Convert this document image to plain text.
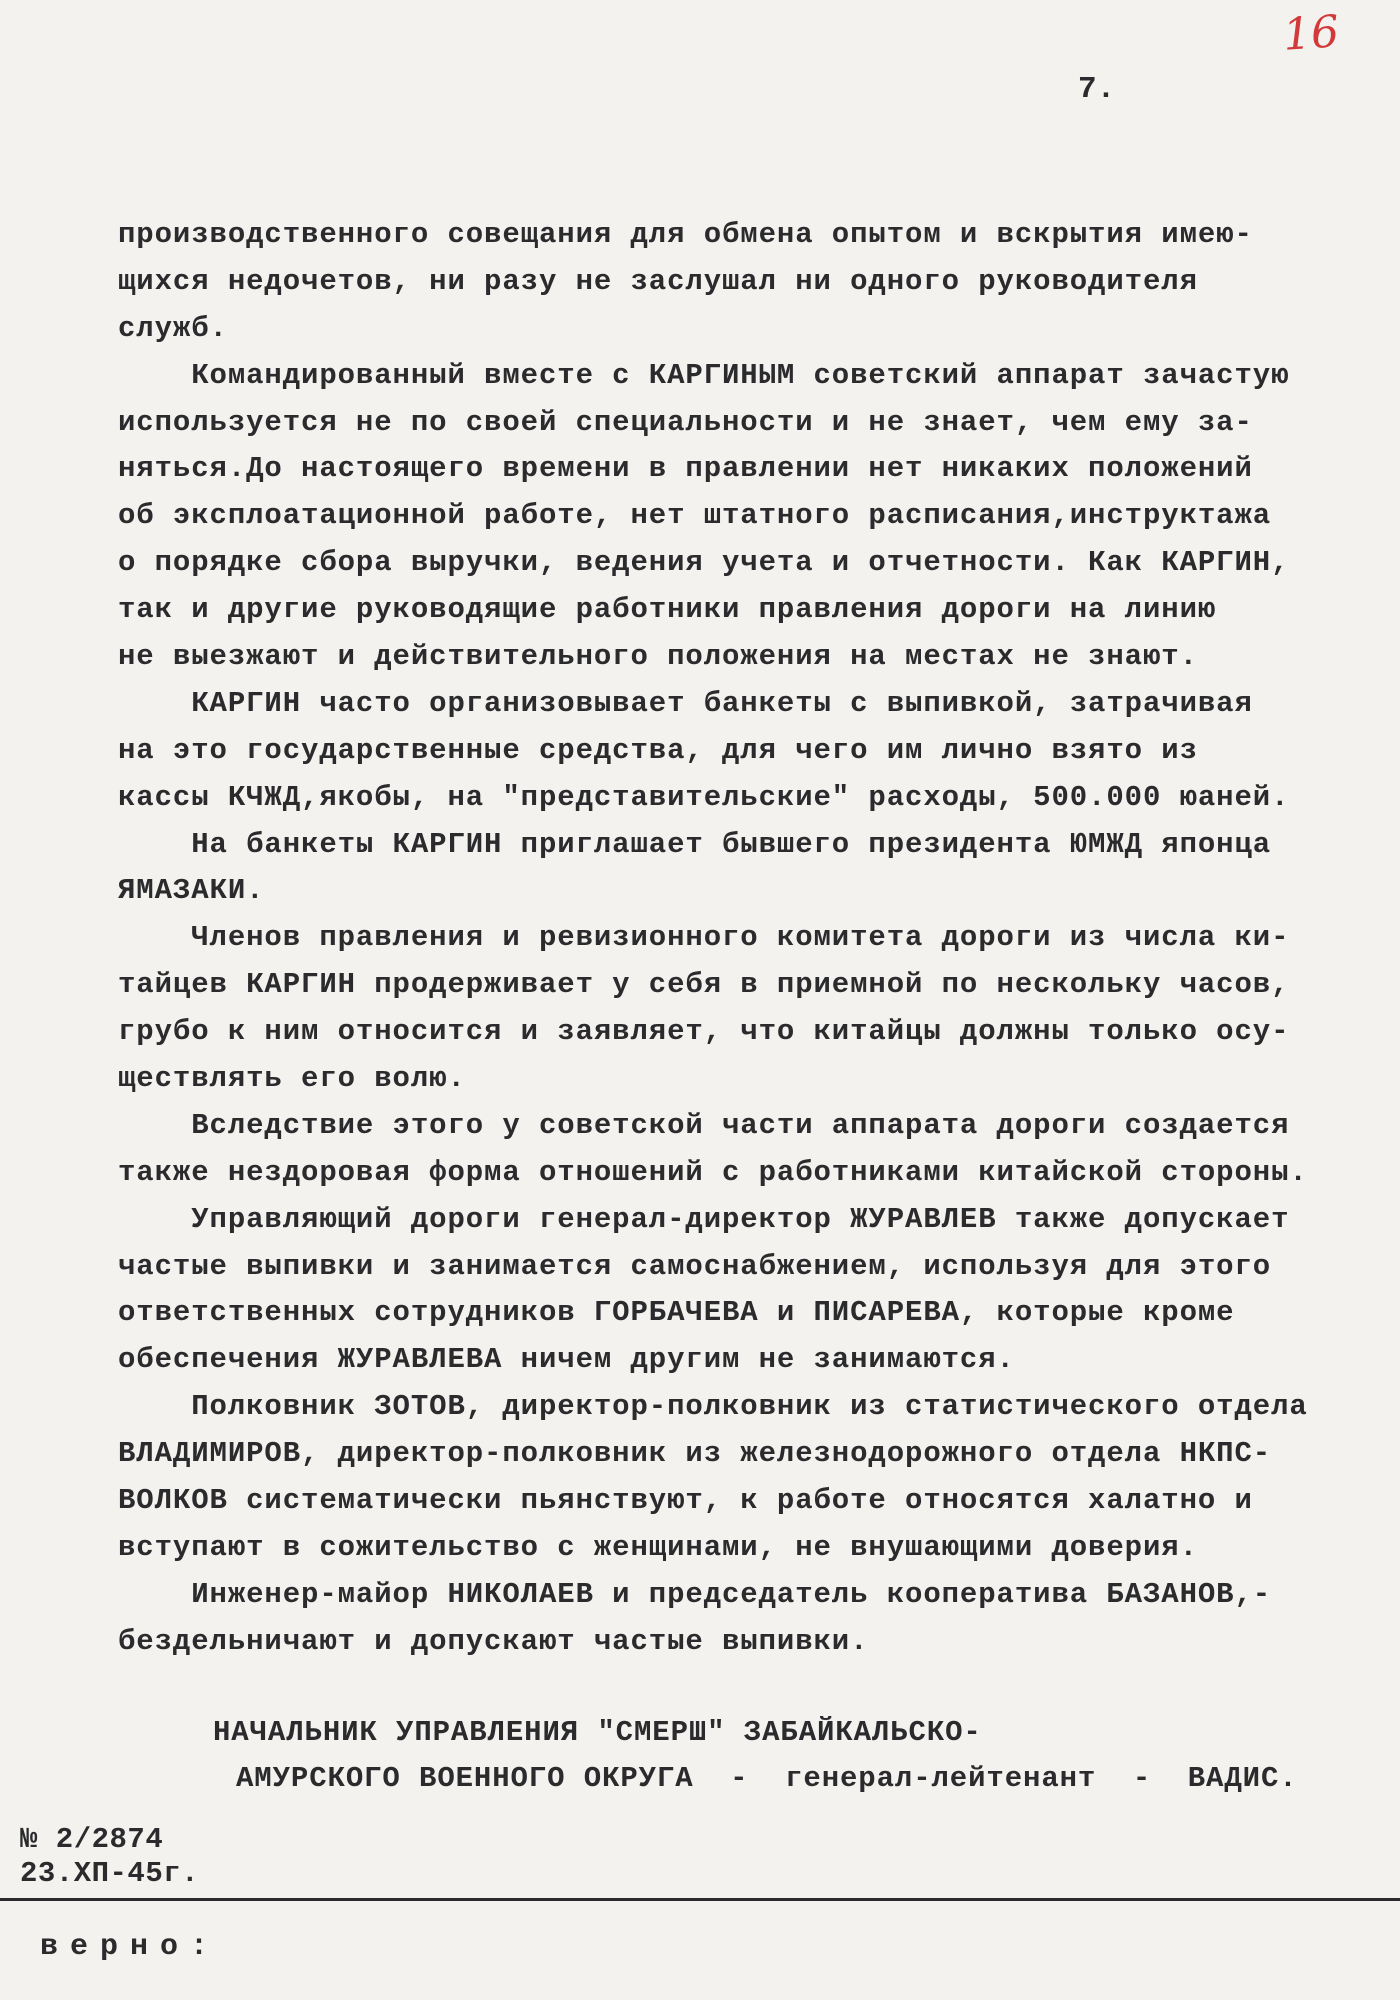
16
7.
производственного совещания для обмена опытом и вскрытия имею-
щихся недочетов, ни разу не заслушал ни одного руководителя
служб.
Командированный вместе с КАРГИНЫМ советский аппарат зачастую
используется не по своей специальности и не знает, чем ему за-
няться.До настоящего времени в правлении нет никаких положений
об эксплоатационной работе, нет штатного расписания,инструктажа
о порядке сбора выручки, ведения учета и отчетности. Как КАРГИН,
так и другие руководящие работники правления дороги на линию
не выезжают и действительного положения на местах не знают.
КАРГИН часто организовывает банкеты с выпивкой, затрачивая
на это государственные средства, для чего им лично взято из
кассы КЧЖД,якобы, на "представительские" расходы, 500.000 юаней.
На банкеты КАРГИН приглашает бывшего президента ЮМЖД японца
ЯМАЗАКИ.
Членов правления и ревизионного комитета дороги из числа ки-
тайцев КАРГИН продерживает у себя в приемной по нескольку часов,
грубо к ним относится и заявляет, что китайцы должны только осу-
ществлять его волю.
Вследствие этого у советской части аппарата дороги создается
также нездоровая форма отношений с работниками китайской стороны.
Управляющий дороги генерал-директор ЖУРАВЛЕВ также допускает
частые выпивки и занимается самоснабжением, используя для этого
ответственных сотрудников ГОРБАЧЕВА и ПИСАРЕВА, которые кроме
обеспечения ЖУРАВЛЕВА ничем другим не занимаются.
Полковник ЗОТОВ, директор-полковник из статистического отдела
ВЛАДИМИРОВ, директор-полковник из железнодорожного отдела НКПС-
ВОЛКОВ систематически пьянствуют, к работе относятся халатно и
вступают в сожительство с женщинами, не внушающими доверия.
Инженер-майор НИКОЛАЕВ и председатель кооператива БАЗАНОВ,-
бездельничают и допускают частые выпивки.
НАЧАЛЬНИК УПРАВЛЕНИЯ "СМЕРШ" ЗАБАЙКАЛЬСКО-
АМУРСКОГО ВОЕННОГО ОКРУГА  -  генерал-лейтенант  -  ВАДИС.
№ 2/2874
23.ХП-45г.
верно:
